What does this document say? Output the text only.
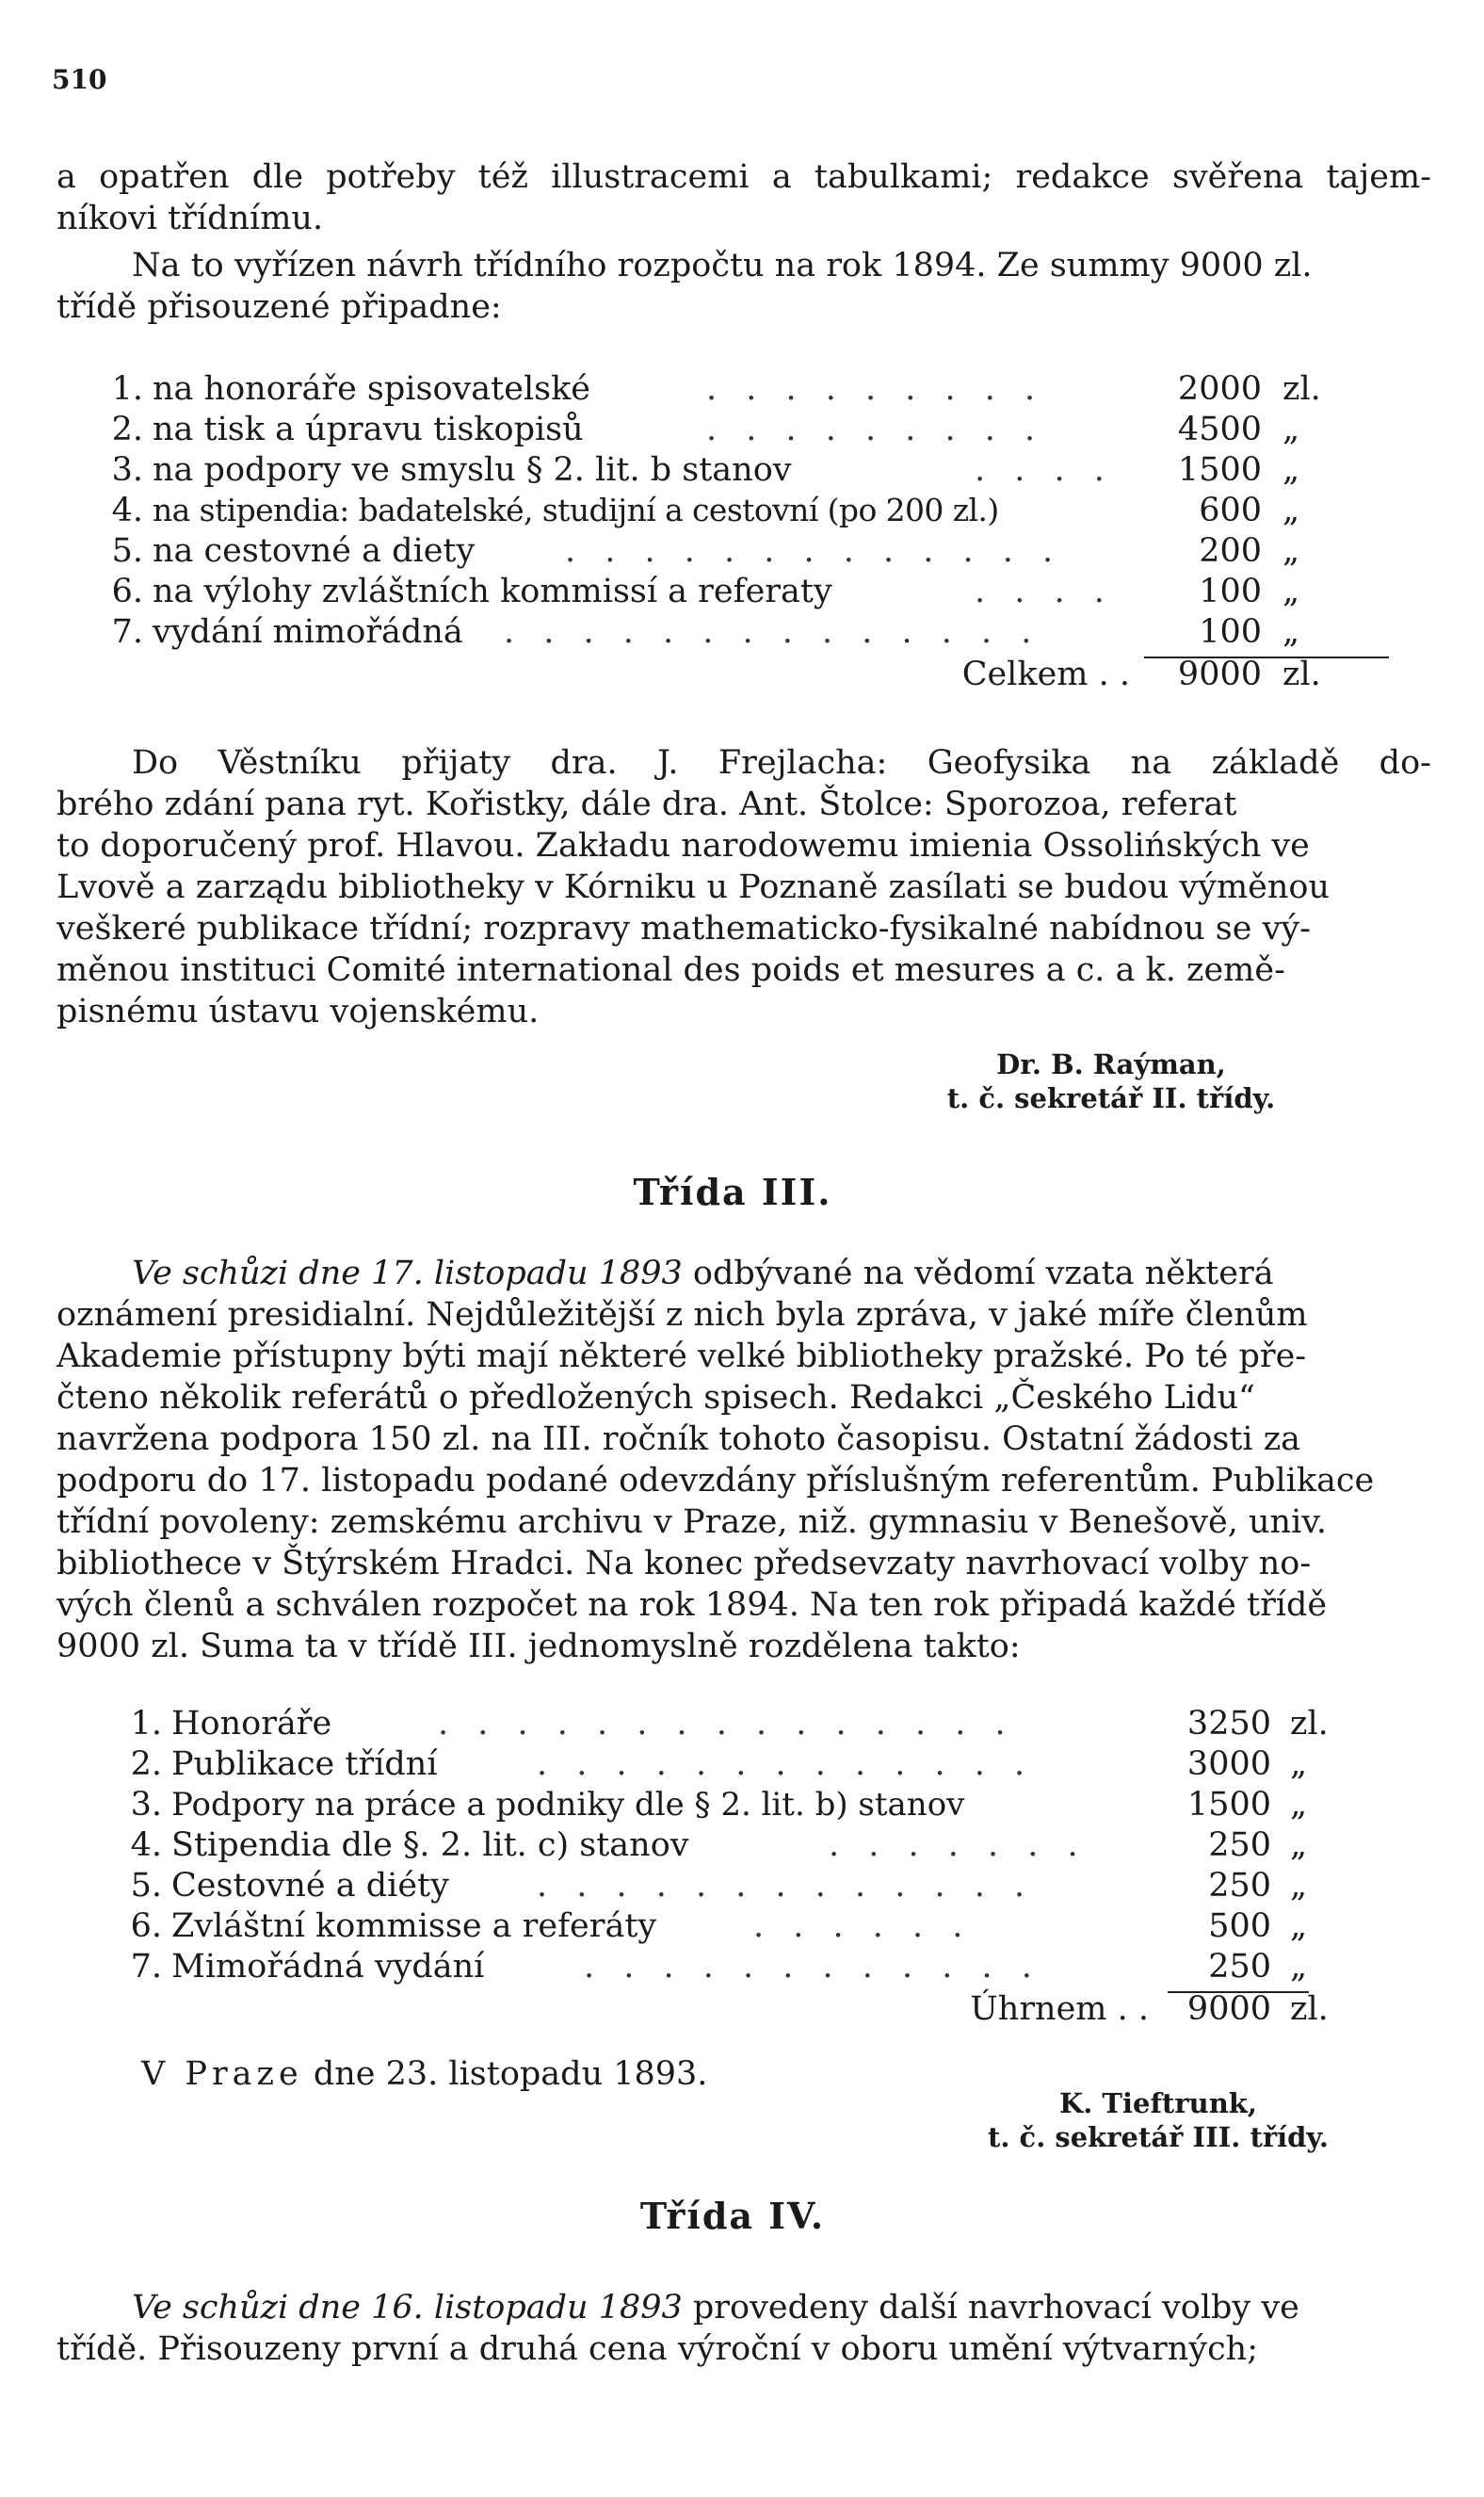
510
a opatřen dle potřeby též illustracemi a tabulkami; redakce svěřena tajem-
níkovi třídnímu.
Na to vyřízen návrh třídního rozpočtu na rok 1894. Ze summy 9000 zl.
třídě přisouzené připadne:
1. na honoráře spisovatelské	. . . . . . . . .	2000 zl.
2. na tisk a úpravu tiskopisů	. . . . . . . . .	4500 „
3. na podpory ve smyslu § 2. lit. b stanov	. . . .	1500 „
4. na stipendia: badatelské, studijní a cestovní (po 200 zl.)	600 „
5. na cestovné a diety	. . . . . . . . . . . . .	200 „
6. na výlohy zvláštních kommissí a referaty	. . . .	100 „
7. vydání mimořádná . . . . . . . . . . . . . .	100 „
Celkem . .	9000 zl.
Do Věstníku přijaty dra. J. Frejlacha: Geofysika na základě do-
brého zdání pana ryt. Kořistky, dále dra. Ant. Štolce: Sporozoa, referat
to doporučený prof. Hlavou. Zakładu narodowemu imienia Ossolińských ve
Lvově a zarządu bibliotheky v Kórniku u Poznaně zasílati se budou výměnou
veškeré publikace třídní; rozpravy mathematicko-fysikalné nabídnou se vý-
měnou instituci Comité international des poids et mesures a c. a k. země-
pisnému ústavu vojenskému.
Dr. B. Raýman,
t. č. sekretář II. třídy.
Třída III.
Ve schůzi dne 17. listopadu 1893 odbývané na vědomí vzata některá
oznámení presidialní. Nejdůležitější z nich byla zpráva, v jaké míře členům
Akademie přístupny býti mají některé velké bibliotheky pražské. Po té pře-
čteno několik referátů o předložených spisech. Redakci „Českého Lidu“
navržena podpora 150 zl. na III. ročník tohoto časopisu. Ostatní žádosti za
podporu do 17. listopadu podané odevzdány příslušným referentům. Publikace
třídní povoleny: zemskému archivu v Praze, niž. gymnasiu v Benešově, univ.
bibliothece v Štýrském Hradci. Na konec předsevzaty navrhovací volby no-
vých členů a schválen rozpočet na rok 1894. Na ten rok připadá každé třídě
9000 zl. Suma ta v třídě III. jednomyslně rozdělena takto:
1. Honoráře	. . . . . . . . . . . . . . .	3250 zl.
2. Publikace třídní	. . . . . . . . . . . . .	3000 „
3. Podpory na práce a podniky dle § 2. lit. b) stanov	1500 „
4. Stipendia dle §. 2. lit. c) stanov	. . . . . . .	250 „
5. Cestovné a diéty	. . . . . . . . . . . . .	250 „
6. Zvláštní kommisse a referáty	. . . . . .	500 „
7. Mimořádná vydání	. . . . . . . . . . . .	250 „
Úhrnem . .	9000 zl.
V Praze dne 23. listopadu 1893.
K. Tieftrunk,
t. č. sekretář III. třídy.
Třída IV.
Ve schůzi dne 16. listopadu 1893 provedeny další navrhovací volby ve
třídě. Přisouzeny první a druhá cena výroční v oboru umění výtvarných;
